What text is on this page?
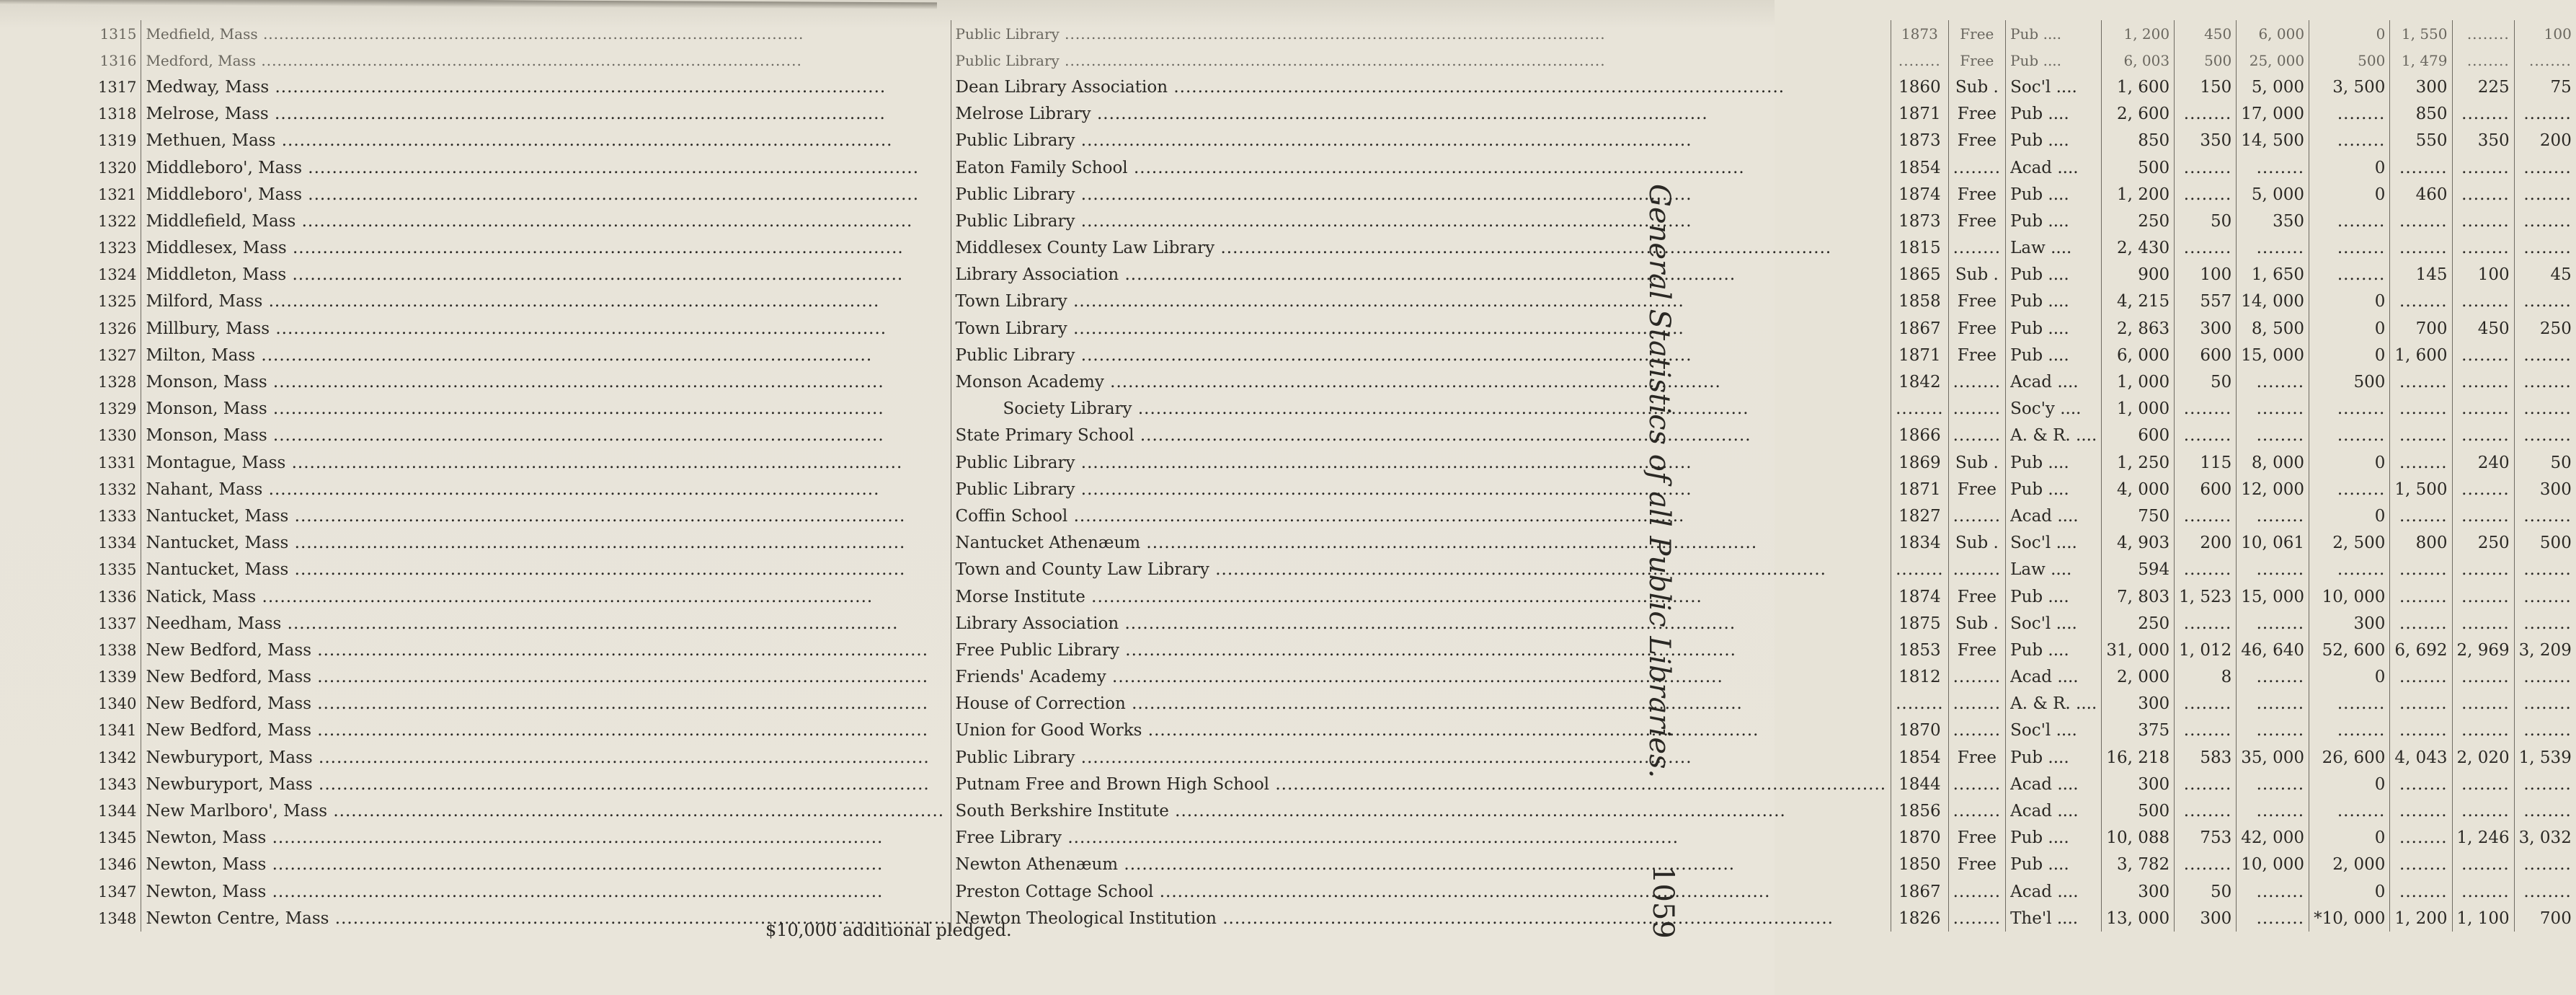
1315	Medfield, Mass .....	Public Library .....	1873	Free	Pub ....	1, 200	450	6, 000	0	1, 550	........	100
1316	Medford, Mass .....	Public Library .....	........	Free	Pub ....	6, 003	500	25, 000	500	1, 479	........	........
1317	Medway, Mass .....	Dean Library Association .....	1860	Sub .	Soc'l ....	1, 600	150	5, 000	3, 500	300	225	75
1318	Melrose, Mass .....	Melrose Library .....	1871	Free	Pub ....	2, 600	........	17, 000	........	850	........	........
1319	Methuen, Mass .....	Public Library .....	1873	Free	Pub ....	850	350	14, 500	........	550	350	200
1320	Middleboro', Mass .....	Eaton Family School .....	1854	........	Acad ....	500	........	........	0	........	........	........
1321	Middleboro', Mass .....	Public Library .....	1874	Free	Pub ....	1, 200	........	5, 000	0	460	........	........
1322	Middlefield, Mass .....	Public Library .....	1873	Free	Pub ....	250	50	350	........	........	........	........
1323	Middlesex, Mass .....	Middlesex County Law Library .....	1815	........	Law ....	2, 430	........	........	........	........	........	........
1324	Middleton, Mass .....	Library Association .....	1865	Sub .	Pub ....	900	100	1, 650	........	145	100	45
1325	Milford, Mass .....	Town Library .....	1858	Free	Pub ....	4, 215	557	14, 000	0	........	........	........
1326	Millbury, Mass .....	Town Library .....	1867	Free	Pub ....	2, 863	300	8, 500	0	700	450	250
1327	Milton, Mass .....	Public Library .....	1871	Free	Pub ....	6, 000	600	15, 000	0	1, 600	........	........
1328	Monson, Mass .....	Monson Academy .....	1842	........	Acad ....	1, 000	50	........	500	........	........	........
1329	Monson, Mass .....	Society Library .....	........	........	Soc'y ....	1, 000	........	........	........	........	........	........
1330	Monson, Mass .....	State Primary School .....	1866	........	A. & R. ....	600	........	........	........	........	........	........
1331	Montague, Mass .....	Public Library .....	1869	Sub .	Pub ....	1, 250	115	8, 000	0	........	240	50
1332	Nahant, Mass .....	Public Library .....	1871	Free	Pub ....	4, 000	600	12, 000	........	1, 500	........	300
1333	Nantucket, Mass .....	Coffin School .....	1827	........	Acad ....	750	........	........	0	........	........	........
1334	Nantucket, Mass .....	Nantucket Athenæum .....	1834	Sub .	Soc'l ....	4, 903	200	10, 061	2, 500	800	250	500
1335	Nantucket, Mass .....	Town and County Law Library .....	........	........	Law ....	594	........	........	........	........	........	........
1336	Natick, Mass .....	Morse Institute .....	1874	Free	Pub ....	7, 803	1, 523	15, 000	10, 000	........	........	........
1337	Needham, Mass .....	Library Association .....	1875	Sub .	Soc'l ....	250	........	........	300	........	........	........
1338	New Bedford, Mass .....	Free Public Library .....	1853	Free	Pub ....	31, 000	1, 012	46, 640	52, 600	6, 692	2, 969	3, 209
1339	New Bedford, Mass .....	Friends' Academy .....	1812	........	Acad ....	2, 000	8	........	0	........	........	........
1340	New Bedford, Mass .....	House of Correction .....	........	........	A. & R. ....	300	........	........	........	........	........	........
1341	New Bedford, Mass .....	Union for Good Works .....	1870	........	Soc'l ....	375	........	........	........	........	........	........
1342	Newburyport, Mass .....	Public Library .....	1854	Free	Pub ....	16, 218	583	35, 000	26, 600	4, 043	2, 020	1, 539
1343	Newburyport, Mass .....	Putnam Free and Brown High School .....	1844	........	Acad ....	300	........	........	0	........	........	........
1344	New Marlboro', Mass .....	South Berkshire Institute .....	1856	........	Acad ....	500	........	........	........	........	........	........
1345	Newton, Mass .....	Free Library .....	1870	Free	Pub ....	10, 088	753	42, 000	0	........	1, 246	3, 032
1346	Newton, Mass .....	Newton Athenæum .....	1850	Free	Pub ....	3, 782	........	10, 000	2, 000	........	........	........
1347	Newton, Mass .....	Preston Cottage School .....	1867	........	Acad ....	300	50	........	0	........	........	........
1348	Newton Centre, Mass .....	Newton Theological Institution .....	1826	........	The'l ....	13, 000	300	........	*10, 000	1, 200	1, 100	700
$10,000 additional pledged.
General Statistics of all Public Libraries.
1059
